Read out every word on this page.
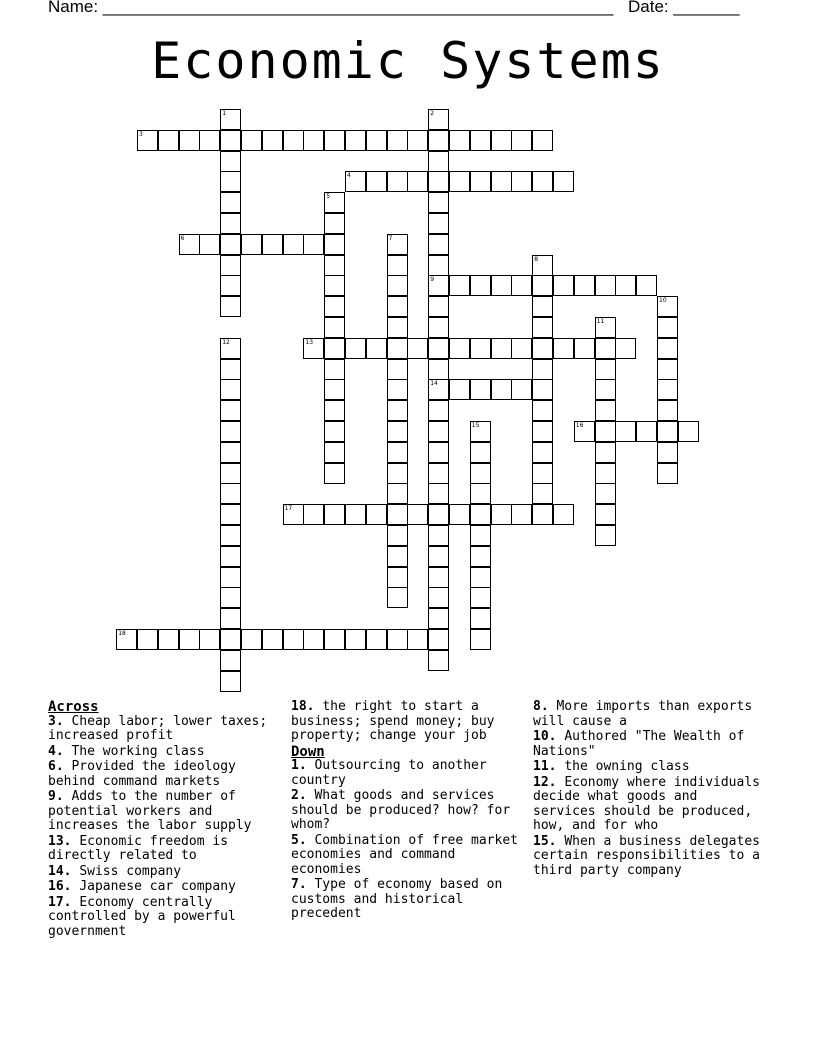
Name: ______________________________________________________ Date: _______
Economic Systems
3
4
6
9
13
14
16
17
18
1	2
5
7
8
10
11
12
15
Across
3. Cheap labor; lower taxes; increased profit
4. The working class
6. Provided the ideology behind command markets
9. Adds to the number of potential workers and increases the labor supply
13. Economic freedom is directly related to
14. Swiss company
16. Japanese car company
17. Economy centrally controlled by a powerful government
18. the right to start a business; spend money; buy property; change your job
Down
1. Outsourcing to another country
2. What goods and services should be produced? how? for whom?
5. Combination of free market economies and command economies
7. Type of economy based on customs and historical precedent
8. More imports than exports will cause a
10. Authored "The Wealth of Nations"
11. the owning class
12. Economy where individuals decide what goods and services should be produced, how, and for who
15. When a business delegates certain responsibilities to a third party company
